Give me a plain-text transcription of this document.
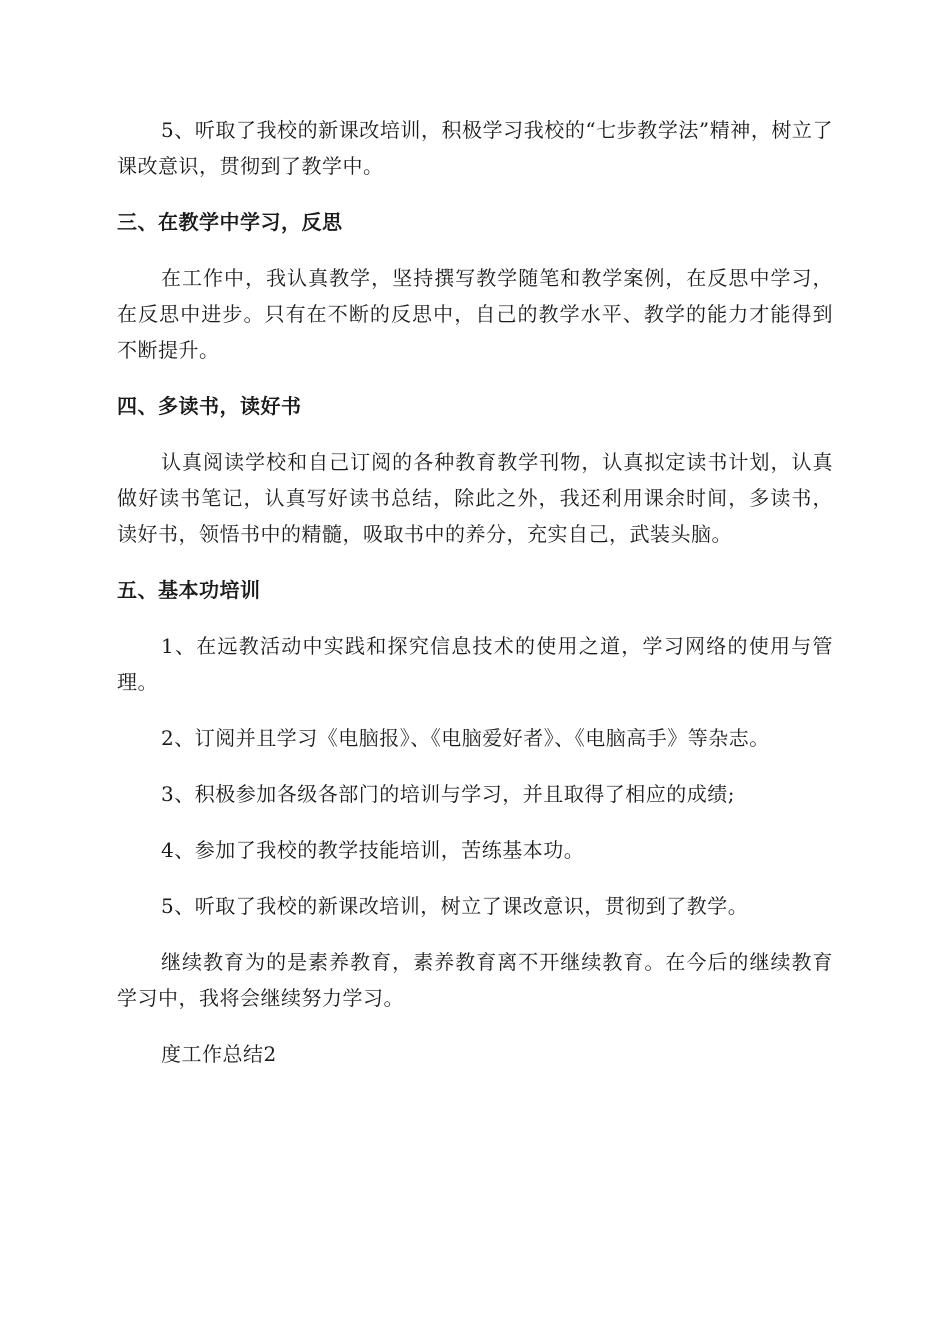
5、听取了我校的新课改培训，积极学习我校的“七步教学法”精神，树立了课改意识，贯彻到了教学中。

三、在教学中学习，反思

在工作中，我认真教学，坚持撰写教学随笔和教学案例，在反思中学习，在反思中进步。只有在不断的反思中，自己的教学水平、教学的能力才能得到不断提升。

四、多读书，读好书

认真阅读学校和自己订阅的各种教育教学刊物，认真拟定读书计划，认真做好读书笔记，认真写好读书总结，除此之外，我还利用课余时间，多读书，读好书，领悟书中的精髓，吸取书中的养分，充实自己，武装头脑。

五、基本功培训

1、在远教活动中实践和探究信息技术的使用之道，学习网络的使用与管理。

2、订阅并且学习《电脑报》、《电脑爱好者》、《电脑高手》等杂志。

3、积极参加各级各部门的培训与学习，并且取得了相应的成绩;

4、参加了我校的教学技能培训，苦练基本功。

5、听取了我校的新课改培训，树立了课改意识，贯彻到了教学。

继续教育为的是素养教育，素养教育离不开继续教育。在今后的继续教育学习中，我将会继续努力学习。

度工作总结2
